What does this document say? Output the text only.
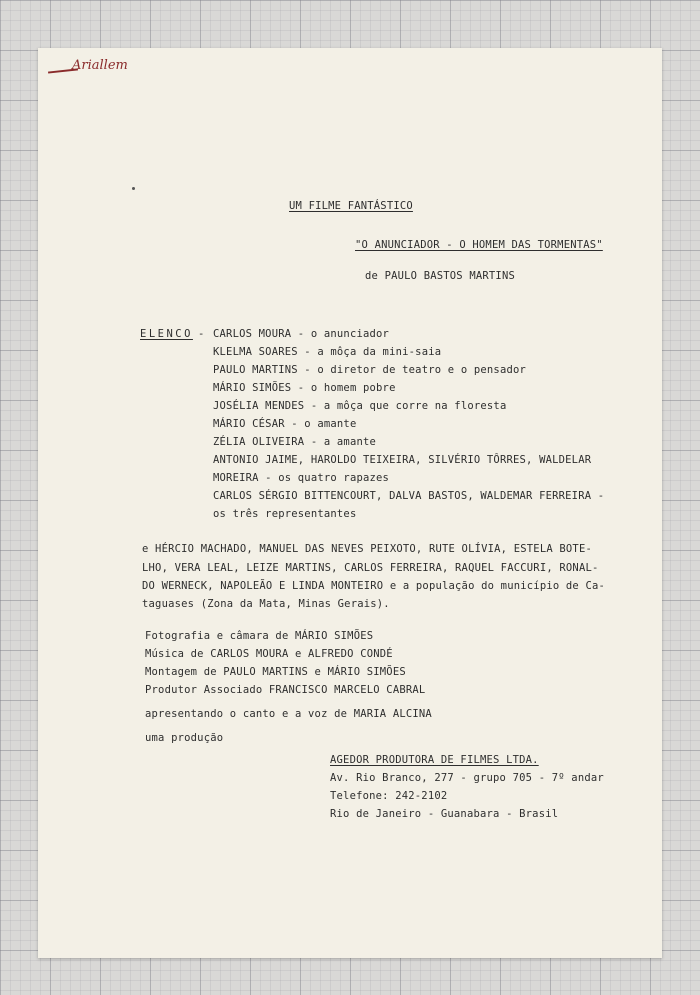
Ariallem
UM FILME FANTÁSTICO
"O ANUNCIADOR - O HOMEM DAS TORMENTAS"
de PAULO BASTOS MARTINS
ELENCO - CARLOS MOURA - o anunciador
KLELMA SOARES - a môça da mini-saia
PAULO MARTINS - o diretor de teatro e o pensador
MÁRIO SIMÕES - o homem pobre
JOSÉLIA MENDES - a môça que corre na floresta
MÁRIO CÉSAR - o amante
ZÉLIA OLIVEIRA - a amante
ANTONIO JAIME, HAROLDO TEIXEIRA, SILVÉRIO TÔRRES, WALDELAR
MOREIRA - os quatro rapazes
CARLOS SÉRGIO BITTENCOURT, DALVA BASTOS, WALDEMAR FERREIRA -
os três representantes
e HÉRCIO MACHADO, MANUEL DAS NEVES PEIXOTO, RUTE OLÍVIA, ESTELA BOTE-
LHO, VERA LEAL, LEIZE MARTINS, CARLOS FERREIRA, RAQUEL FACCURI, RONAL-
DO WERNECK, NAPOLEÃO E LINDA MONTEIRO e a população do município de Ca-
taguases (Zona da Mata, Minas Gerais).
Fotografia e câmara de MÁRIO SIMÕES
Música de CARLOS MOURA e ALFREDO CONDÉ
Montagem de PAULO MARTINS e MÁRIO SIMÕES
Produtor Associado FRANCISCO MARCELO CABRAL
apresentando o canto e a voz de MARIA ALCINA
uma produção
AGEDOR PRODUTORA DE FILMES LTDA.
Av. Rio Branco, 277 - grupo 705 - 7º andar
Telefone: 242-2102
Rio de Janeiro - Guanabara - Brasil
